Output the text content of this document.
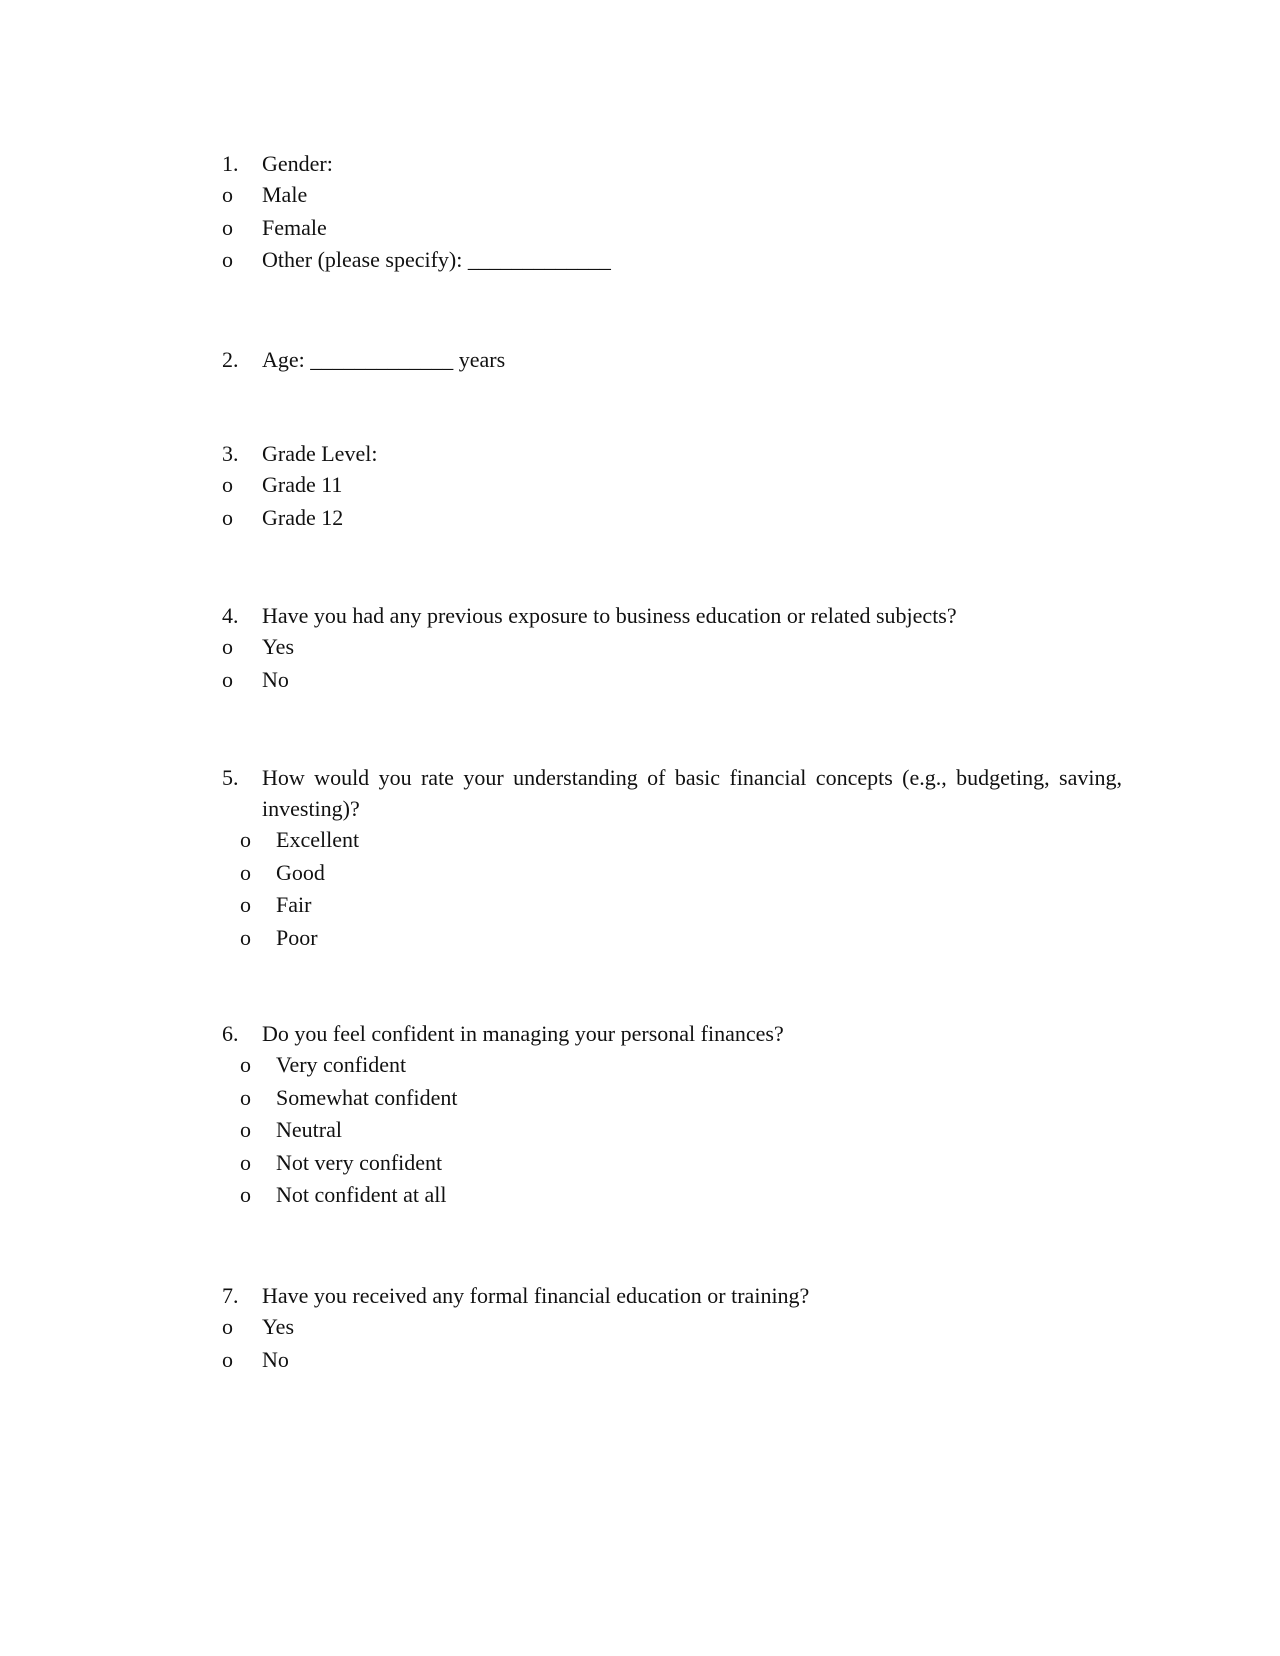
1.	Gender:
o	Male
o	Female
o	Other (please specify): _____________
2.	Age: _____________ years
3.	Grade Level:
o	Grade 11
o	Grade 12
4.	Have you had any previous exposure to business education or related subjects?
o	Yes
o	No
5.	How would you rate your understanding of basic financial concepts (e.g., budgeting, saving, investing)?
o	Excellent
o	Good
o	Fair
o	Poor
6.	Do you feel confident in managing your personal finances?
o	Very confident
o	Somewhat confident
o	Neutral
o	Not very confident
o	Not confident at all
7.	Have you received any formal financial education or training?
o	Yes
o	No
